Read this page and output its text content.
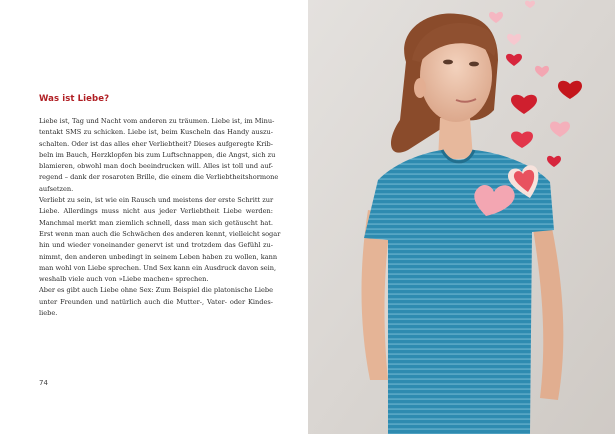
Was ist Liebe?
Liebe ist, Tag und Nacht vom anderen zu träumen. Liebe ist, im Minu-
tentakt SMS zu schicken. Liebe ist, beim Kuscheln das Handy auszu-
schalten. Oder ist das alles eher Verliebtheit? Dieses aufgeregte Krib-
beln im Bauch, Herzklopfen bis zum Luftschnappen, die Angst, sich zu
blamieren, obwohl man doch beeindrucken will. Alles ist toll und auf-
regend – dank der rosaroten Brille, die einem die Verliebtheitshormone
aufsetzen.
Verliebt zu sein, ist wie ein Rausch und meistens der erste Schritt zur
Liebe. Allerdings muss nicht aus jeder Verliebtheit Liebe werden:
Manchmal merkt man ziemlich schnell, dass man sich getäuscht hat.
Erst wenn man auch die Schwächen des anderen kennt, vielleicht sogar
hin und wieder voneinander genervt ist und trotzdem das Gefühl zu-
nimmt, den anderen unbedingt in seinem Leben haben zu wollen, kann
man wohl von Liebe sprechen. Und Sex kann ein Ausdruck davon sein,
weshalb viele auch von »Liebe machen« sprechen.
Aber es gibt auch Liebe ohne Sex: Zum Beispiel die platonische Liebe
unter Freunden und natürlich auch die Mutter-, Vater- oder Kindes-
liebe.
74
